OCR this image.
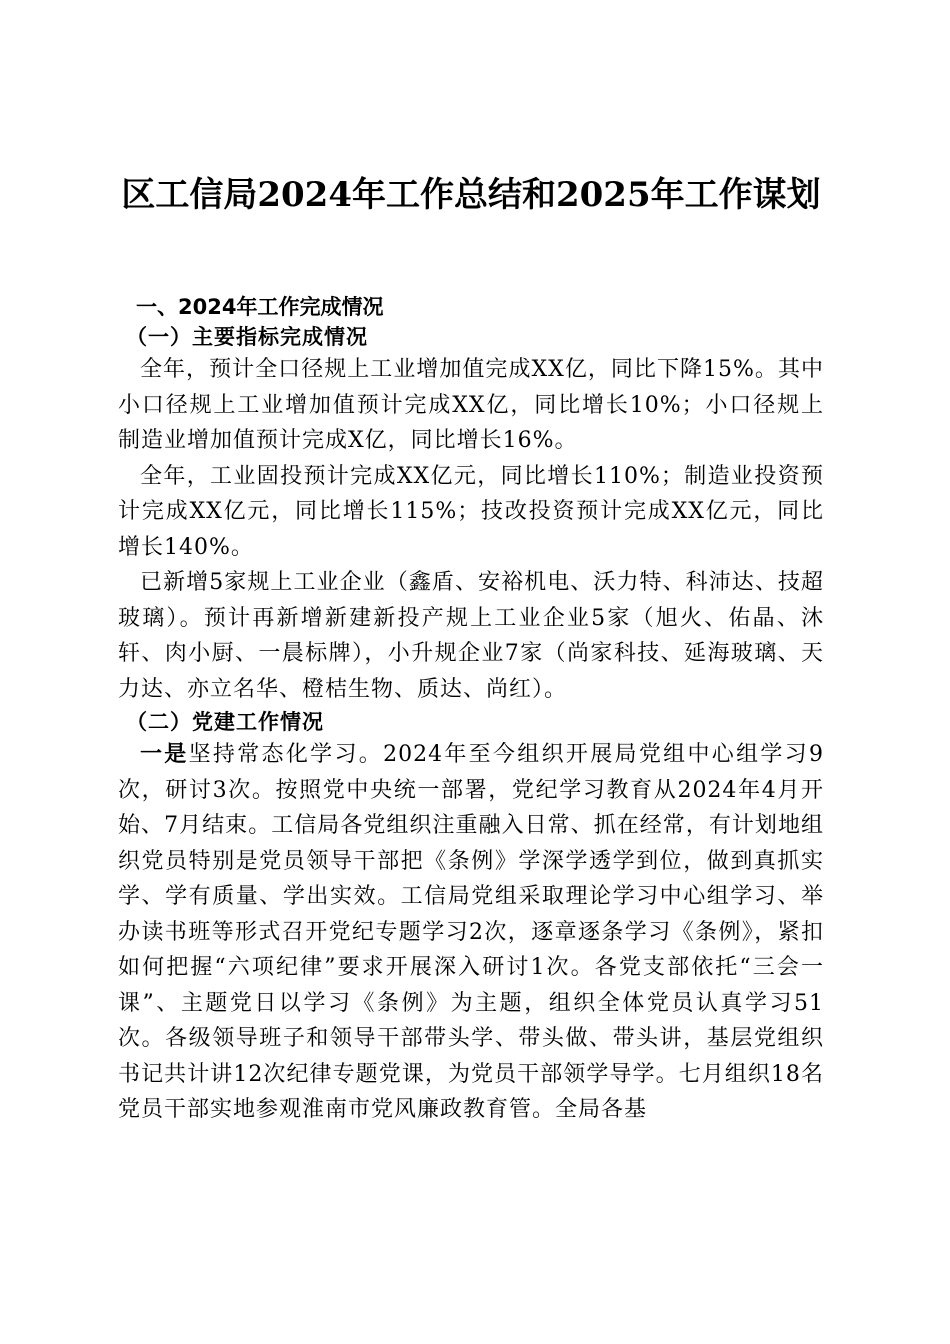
区工信局2024年工作总结和2025年工作谋划
一、2024年工作完成情况
（一）主要指标完成情况

全年，预计全口径规上工业增加值完成XX亿，同比下降15%。其中小口径规上工业增加值预计完成XX亿，同比增长10%；小口径规上制造业增加值预计完成X亿，同比增长16%。

全年，工业固投预计完成XX亿元，同比增长110%；制造业投资预计完成XX亿元，同比增长115%；技改投资预计完成XX亿元，同比增长140%。

已新增5家规上工业企业（鑫盾、安裕机电、沃力特、科沛达、技超玻璃）。预计再新增新建新投产规上工业企业5家（旭火、佑晶、沐轩、肉小厨、一晨标牌），小升规企业7家（尚家科技、延海玻璃、天力达、亦立名华、橙桔生物、质达、尚红）。

（二）党建工作情况

一是坚持常态化学习。2024年至今组织开展局党组中心组学习9次，研讨3次。按照党中央统一部署，党纪学习教育从2024年4月开始、7月结束。工信局各党组织注重融入日常、抓在经常，有计划地组织党员特别是党员领导干部把《条例》学深学透学到位，做到真抓实学、学有质量、学出实效。工信局党组采取理论学习中心组学习、举办读书班等形式召开党纪专题学习2次，逐章逐条学习《条例》，紧扣如何把握“六项纪律”要求开展深入研讨1次。各党支部依托“三会一课”、主题党日以学习《条例》为主题，组织全体党员认真学习51次。各级领导班子和领导干部带头学、带头做、带头讲，基层党组织书记共计讲12次纪律专题党课，为党员干部领学导学。七月组织18名党员干部实地参观淮南市党风廉政教育管。全局各基
